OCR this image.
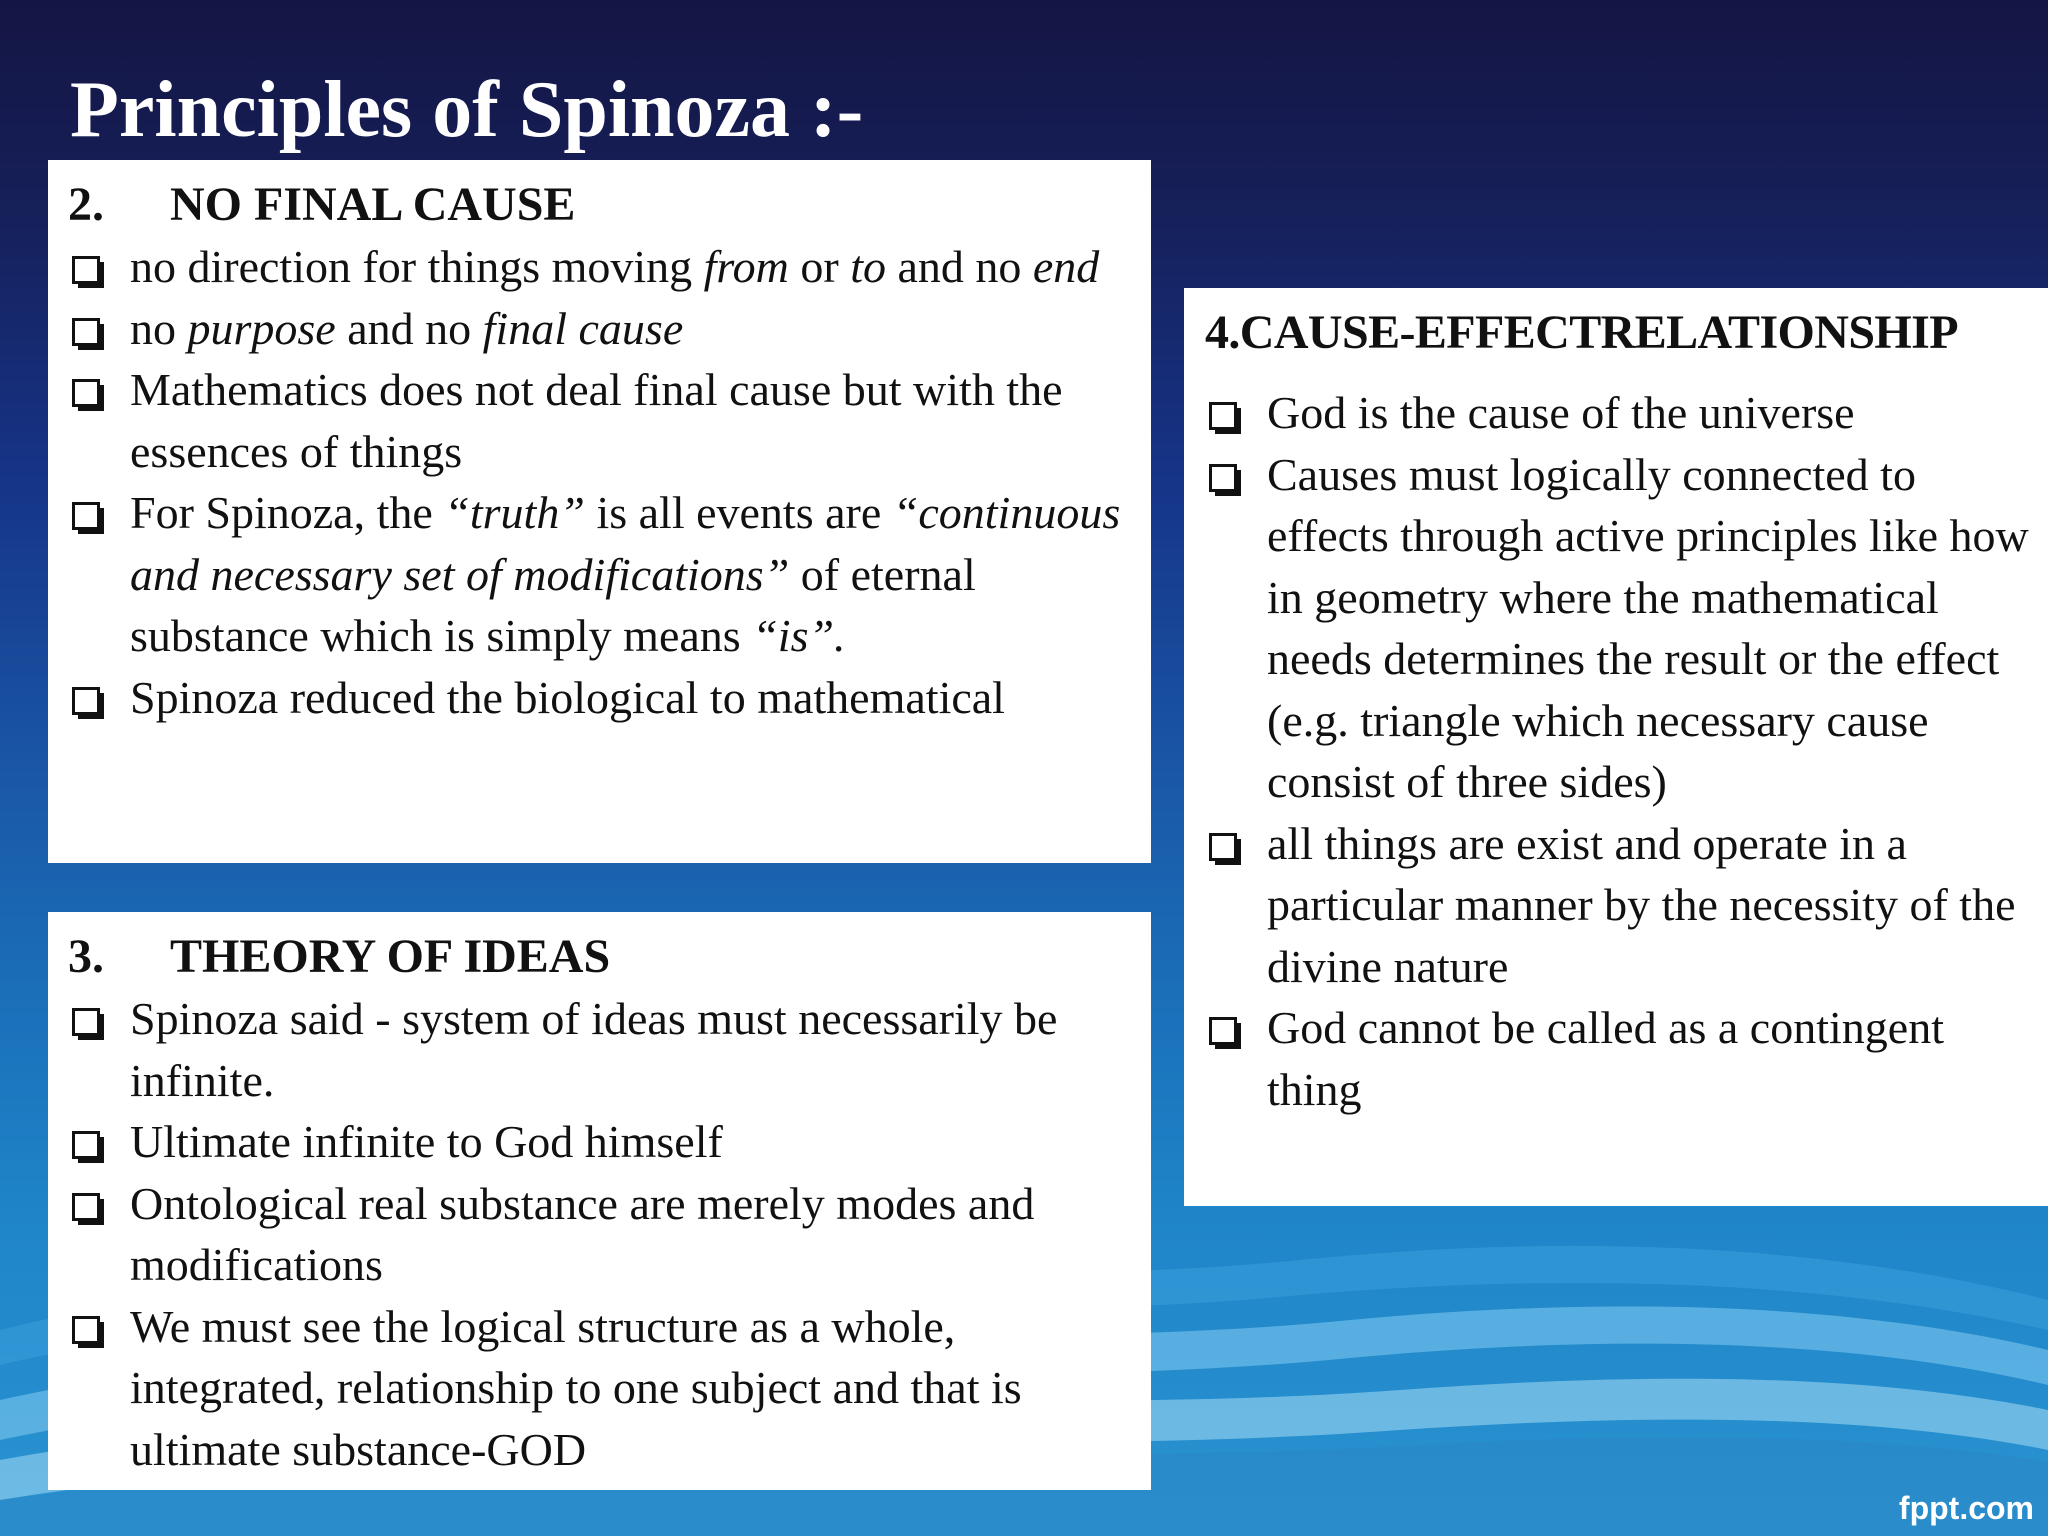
Principles of Spinoza :-

2. NO FINAL CAUSE

no direction for things moving from or to and no end
no purpose and no final cause
Mathematics does not deal final cause but with the essences of things
For Spinoza, the “truth” is all events are “continuous and necessary set of modifications” of eternal substance which is simply means “is”.
Spinoza reduced the biological to mathematical

3. THEORY OF IDEAS

Spinoza said - system of ideas must necessarily be infinite.
Ultimate infinite to God himself
Ontological real substance are merely modes and modifications
We must see the logical structure as a whole, integrated, relationship to one subject and that is ultimate substance-GOD

4.CAUSE-EFFECTRELATIONSHIP

God is the cause of the universe
Causes must logically connected to effects through active principles like how in geometry where the mathematical needs determines the result or the effect (e.g. triangle which necessary cause consist of three sides)
all things are exist and operate in a particular manner by the necessity of the divine nature
God cannot be called as a contingent thing
fppt.com
